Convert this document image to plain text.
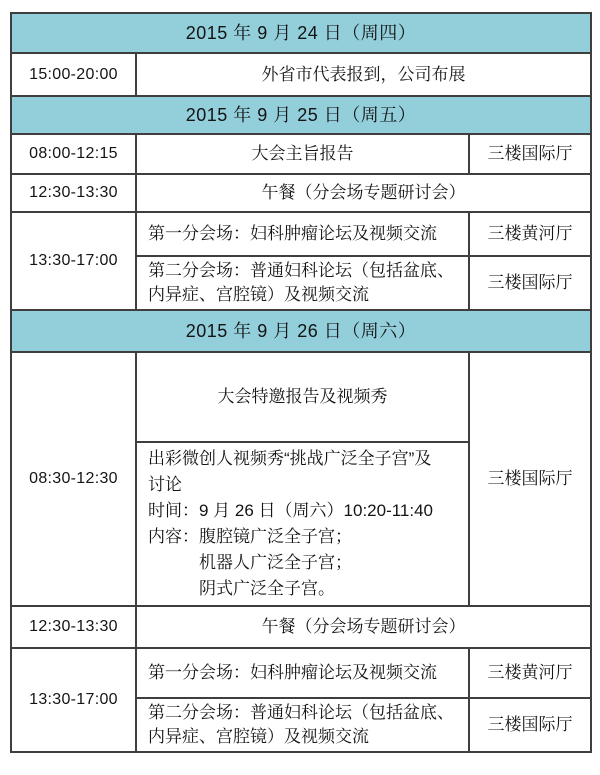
2015 年 9 月 24 日（周四）		
15:00-20:00	外省市代表报到，公司布展	
2015 年 9 月 25 日（周五）		
08:00-12:15	大会主旨报告	三楼国际厅
12:30-13:30	午餐（分会场专题研讨会）	
13:30-17:00	第一分会场：妇科肿瘤论坛及视频交流	三楼黄河厅

	第二分会场：普通妇科论坛（包括盆底、
内异症、宫腔镜）及视频交流	三楼国际厅
2015 年 9 月 26 日（周六）		
08:30-12:30	大会特邀报告及视频秀	三楼国际厅

出彩微创人视频秀“挑战广泛全子宫”及
讨论
时间：9 月 26 日（周六）10:20-11:40
内容：腹腔镜广泛全子宫；
机器人广泛全子宫；
阴式广泛全子宫。

12:30-13:30	午餐（分会场专题研讨会）	
13:30-17:00	第一分会场：妇科肿瘤论坛及视频交流	三楼黄河厅

	第二分会场：普通妇科论坛（包括盆底、
内异症、宫腔镜）及视频交流	三楼国际厅
